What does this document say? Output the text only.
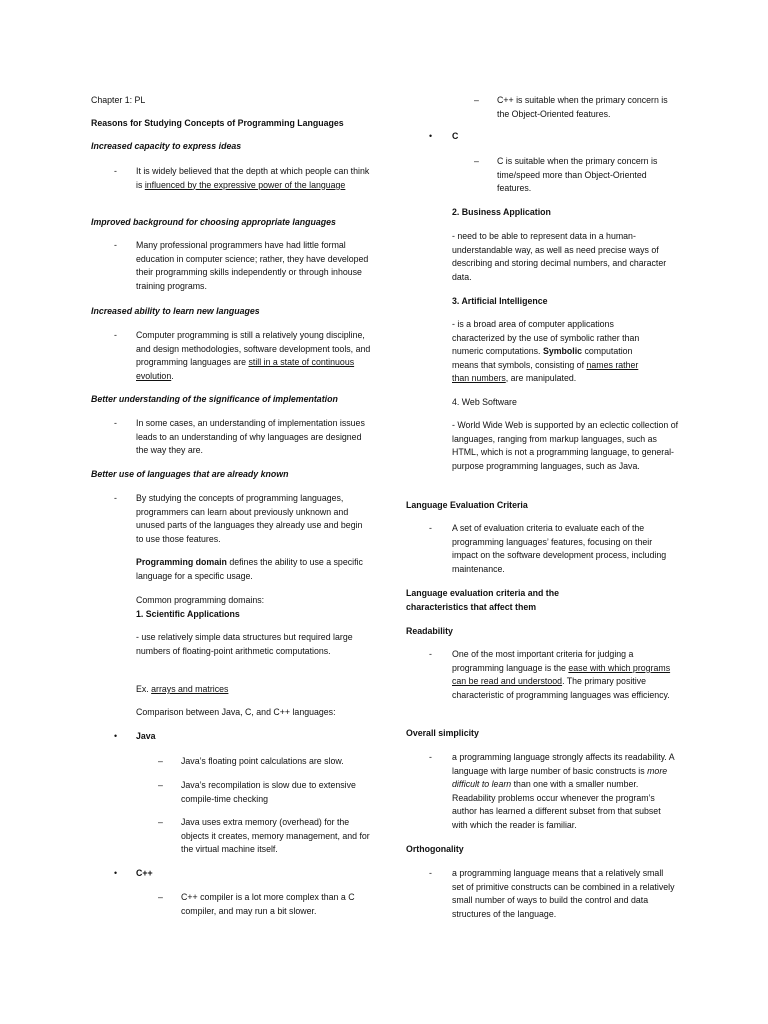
Chapter 1: PL
Reasons for Studying Concepts of Programming Languages
Increased capacity to express ideas
- It is widely believed that the depth at which people can think is influenced by the expressive power of the language
Improved background for choosing appropriate languages
- Many professional programmers have had little formal education in computer science; rather, they have developed their programming skills independently or through inhouse training programs.
Increased ability to learn new languages
- Computer programming is still a relatively young discipline, and design methodologies, software development tools, and programming languages are still in a state of continuous evolution.
Better understanding of the significance of implementation
- In some cases, an understanding of implementation issues leads to an understanding of why languages are designed the way they are.
Better use of languages that are already known
- By studying the concepts of programming languages, programmers can learn about previously unknown and unused parts of the languages they already use and begin to use those features.
Programming domain defines the ability to use a specific language for a specific usage.
Common programming domains:
1. Scientific Applications
- use relatively simple data structures but required large numbers of floating-point arithmetic computations.
Ex. arrays and matrices
Comparison between Java, C, and C++ languages:
• Java
– Java’s floating point calculations are slow.
– Java’s recompilation is slow due to extensive compile-time checking
– Java uses extra memory (overhead) for the objects it creates, memory management, and for the virtual machine itself.
• C++
– C++ compiler is a lot more complex than a C compiler, and may run a bit slower.
– C++ is suitable when the primary concern is the Object-Oriented features.
• C
– C is suitable when the primary concern is time/speed more than Object-Oriented features.
2. Business Application
- need to be able to represent data in a human-understandable way, as well as need precise ways of describing and storing decimal numbers, and character data.
3. Artificial Intelligence
- is a broad area of computer applications characterized by the use of symbolic rather than numeric computations. Symbolic computation means that symbols, consisting of names rather than numbers, are manipulated.
4. Web Software
- World Wide Web is supported by an eclectic collection of languages, ranging from markup languages, such as HTML, which is not a programming language, to general-purpose programming languages, such as Java.
Language Evaluation Criteria
- A set of evaluation criteria to evaluate each of the programming languages’ features, focusing on their impact on the software development process, including maintenance.
Language evaluation criteria and the characteristics that affect them
Readability
- One of the most important criteria for judging a programming language is the ease with which programs can be read and understood. The primary positive characteristic of programming languages was efficiency.
Overall simplicity
- a programming language strongly affects its readability. A language with large number of basic constructs is more difficult to learn than one with a smaller number. Readability problems occur whenever the program’s author has learned a different subset from that subset with which the reader is familiar.
Orthogonality
- a programming language means that a relatively small set of primitive constructs can be combined in a relatively small number of ways to build the control and data structures of the language.
